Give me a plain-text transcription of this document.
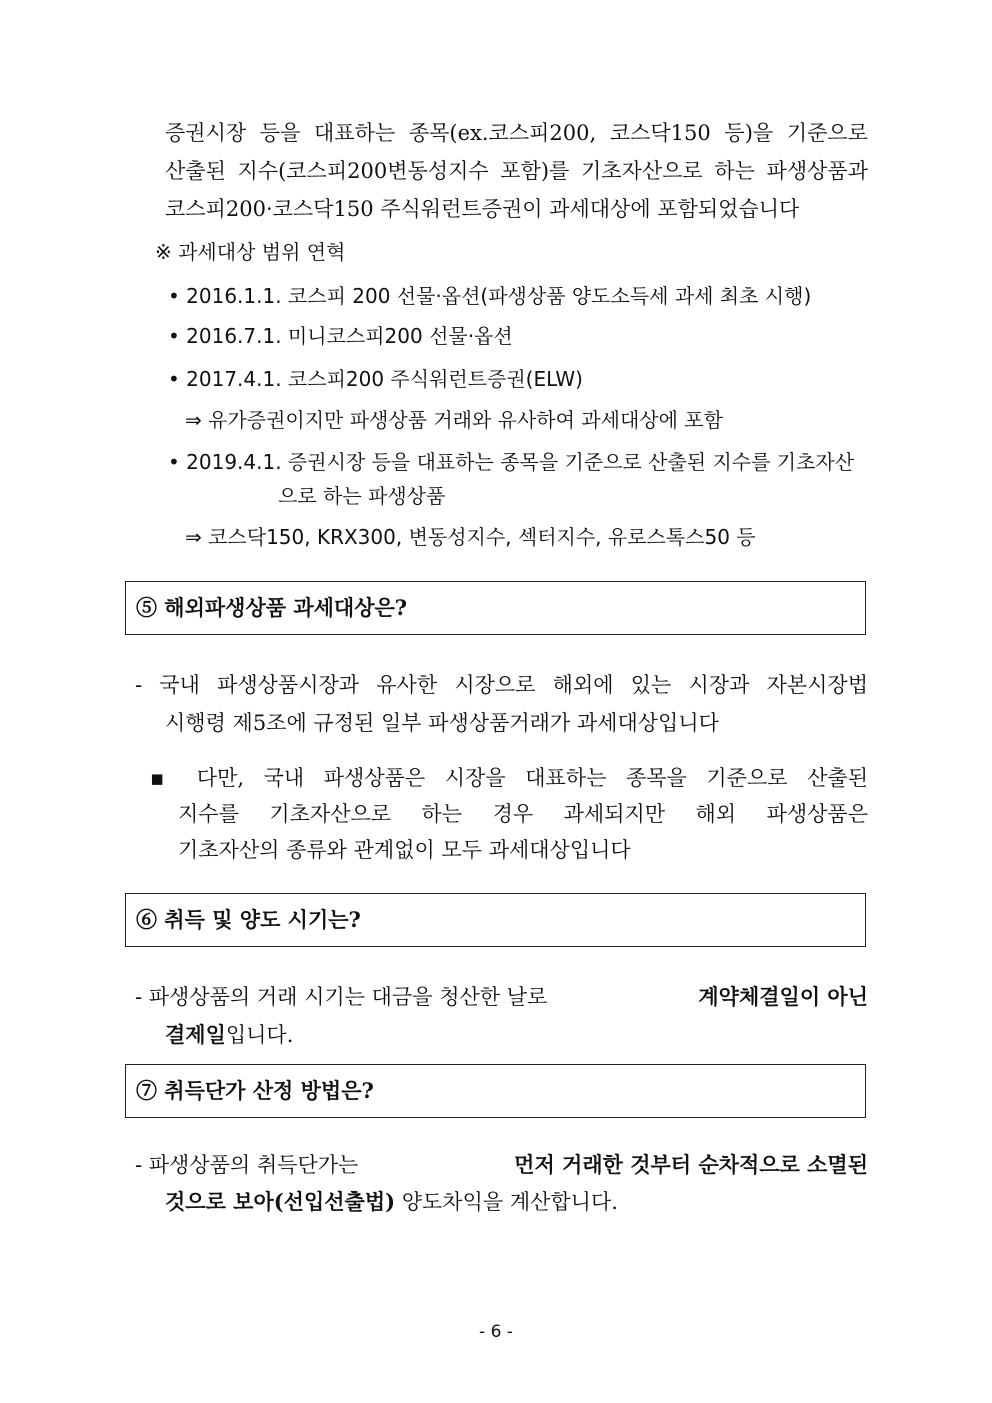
증권시장 등을 대표하는 종목(ex.코스피200, 코스닥150 등)을 기준으로
산출된 지수(코스피200변동성지수 포함)를 기초자산으로 하는 파생상품과
코스피200·코스닥150 주식워런트증권이 과세대상에 포함되었습니다
※ 과세대상 범위 연혁
• 2016.1.1. 코스피 200 선물·옵션(파생상품 양도소득세 과세 최초 시행)
• 2016.7.1. 미니코스피200 선물·옵션
• 2017.4.1. 코스피200 주식워런트증권(ELW)
⇒ 유가증권이지만 파생상품 거래와 유사하여 과세대상에 포함
• 2019.4.1. 증권시장 등을 대표하는 종목을 기준으로 산출된 지수를 기초자산
으로 하는 파생상품
⇒ 코스닥150, KRX300, 변동성지수, 섹터지수, 유로스톡스50 등
⑤ 해외파생상품 과세대상은?
- 국내 파생상품시장과 유사한 시장으로 해외에 있는 시장과 자본시장법
시행령 제5조에 규정된 일부 파생상품거래가 과세대상입니다
▪ 다만, 국내 파생상품은 시장을 대표하는 종목을 기준으로 산출된
지수를 기초자산으로 하는 경우 과세되지만 해외 파생상품은
기초자산의 종류와 관계없이 모두 과세대상입니다
⑥ 취득 및 양도 시기는?
- 파생상품의 거래 시기는 대금을 청산한 날로	계약체결일이 아닌
결제일입니다.
⑦ 취득단가 산정 방법은?
- 파생상품의 취득단가는	먼저 거래한 것부터 순차적으로 소멸된
것으로 보아(선입선출법) 양도차익을 계산합니다.
- 6 -
